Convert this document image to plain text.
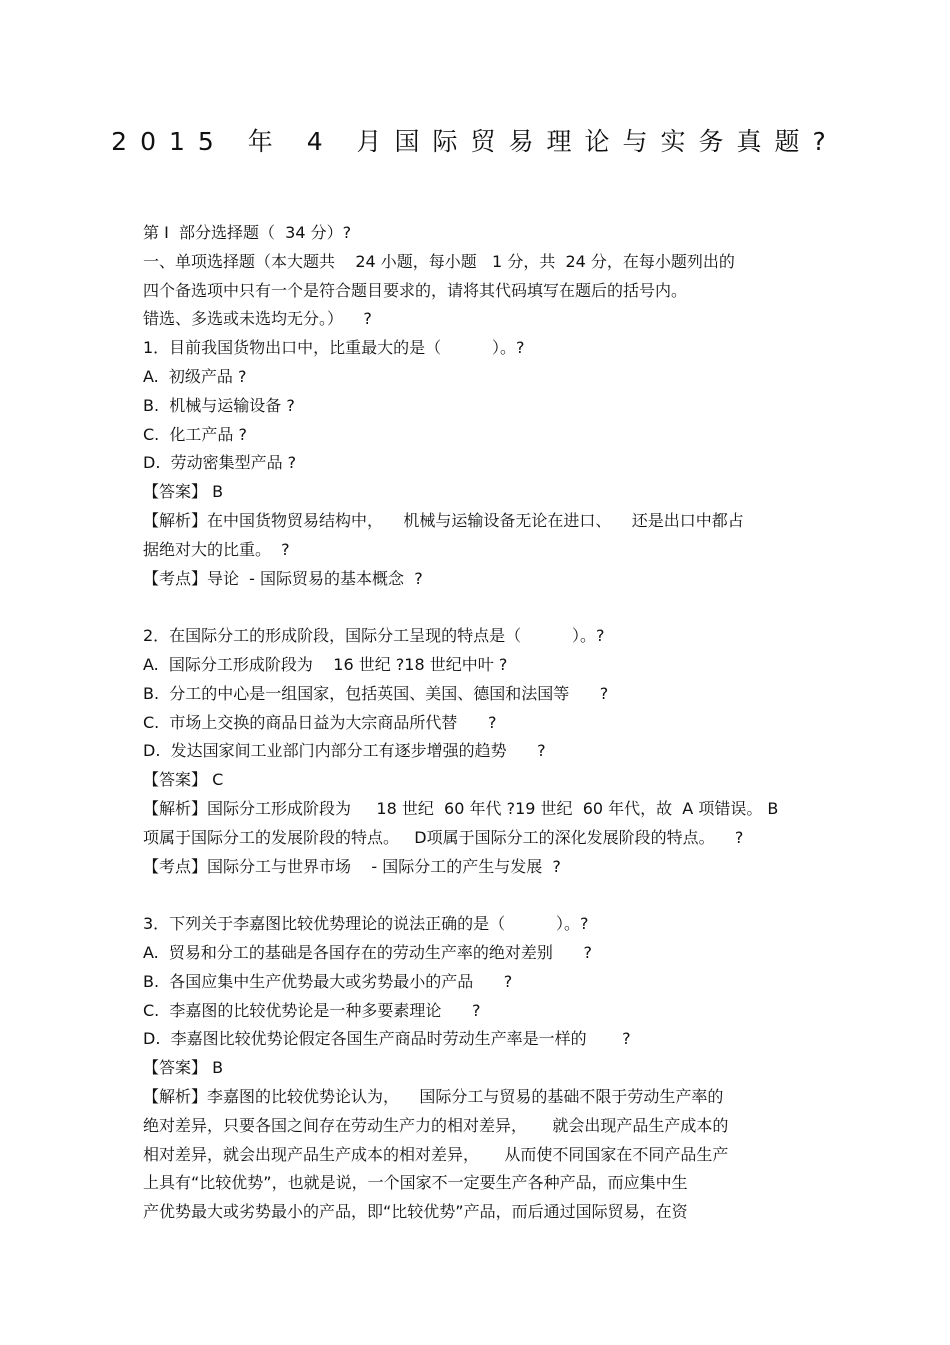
2015 年 4 月国际贸易理论与实务真题?
第 I  部分选择题（  34 分）?
一、单项选择题（本大题共    24 小题，每小题   1 分，共  24 分，在每小题列出的
四个备选项中只有一个是符合题目要求的，请将其代码填写在题后的括号内。
错选、多选或未选均无分。）    ?
1．目前我国货物出口中，比重最大的是（          ）。?
A.  初级产品 ?
B.  机械与运输设备 ?
C.  化工产品 ?
D.  劳动密集型产品 ?
【答案】 B
【解析】在中国货物贸易结构中，    机械与运输设备无论在进口、    还是出口中都占
据绝对大的比重。  ?
【考点】导论  - 国际贸易的基本概念  ?
2．在国际分工的形成阶段，国际分工呈现的特点是（          ）。?
A.  国际分工形成阶段为    16 世纪 ?18 世纪中叶 ?
B.  分工的中心是一组国家，包括英国、美国、德国和法国等      ?
C.  市场上交换的商品日益为大宗商品所代替      ?
D.  发达国家间工业部门内部分工有逐步增强的趋势      ?
【答案】 C
【解析】国际分工形成阶段为     18 世纪  60 年代 ?19 世纪  60 年代，故  A 项错误。 B
项属于国际分工的发展阶段的特点。   D项属于国际分工的深化发展阶段的特点。    ?
【考点】国际分工与世界市场    - 国际分工的产生与发展  ?
3．下列关于李嘉图比较优势理论的说法正确的是（          ）。?
A.  贸易和分工的基础是各国存在的劳动生产率的绝对差别      ?
B.  各国应集中生产优势最大或劣势最小的产品      ?
C.  李嘉图的比较优势论是一种多要素理论      ?
D.  李嘉图比较优势论假定各国生产商品时劳动生产率是一样的       ?
【答案】 B
【解析】李嘉图的比较优势论认为，    国际分工与贸易的基础不限于劳动生产率的
绝对差异，只要各国之间存在劳动生产力的相对差异，     就会出现产品生产成本的
相对差异，就会出现产品生产成本的相对差异，     从而使不同国家在不同产品生产
上具有“比较优势”，也就是说，一个国家不一定要生产各种产品，而应集中生
产优势最大或劣势最小的产品，即“比较优势”产品，而后通过国际贸易，在资
